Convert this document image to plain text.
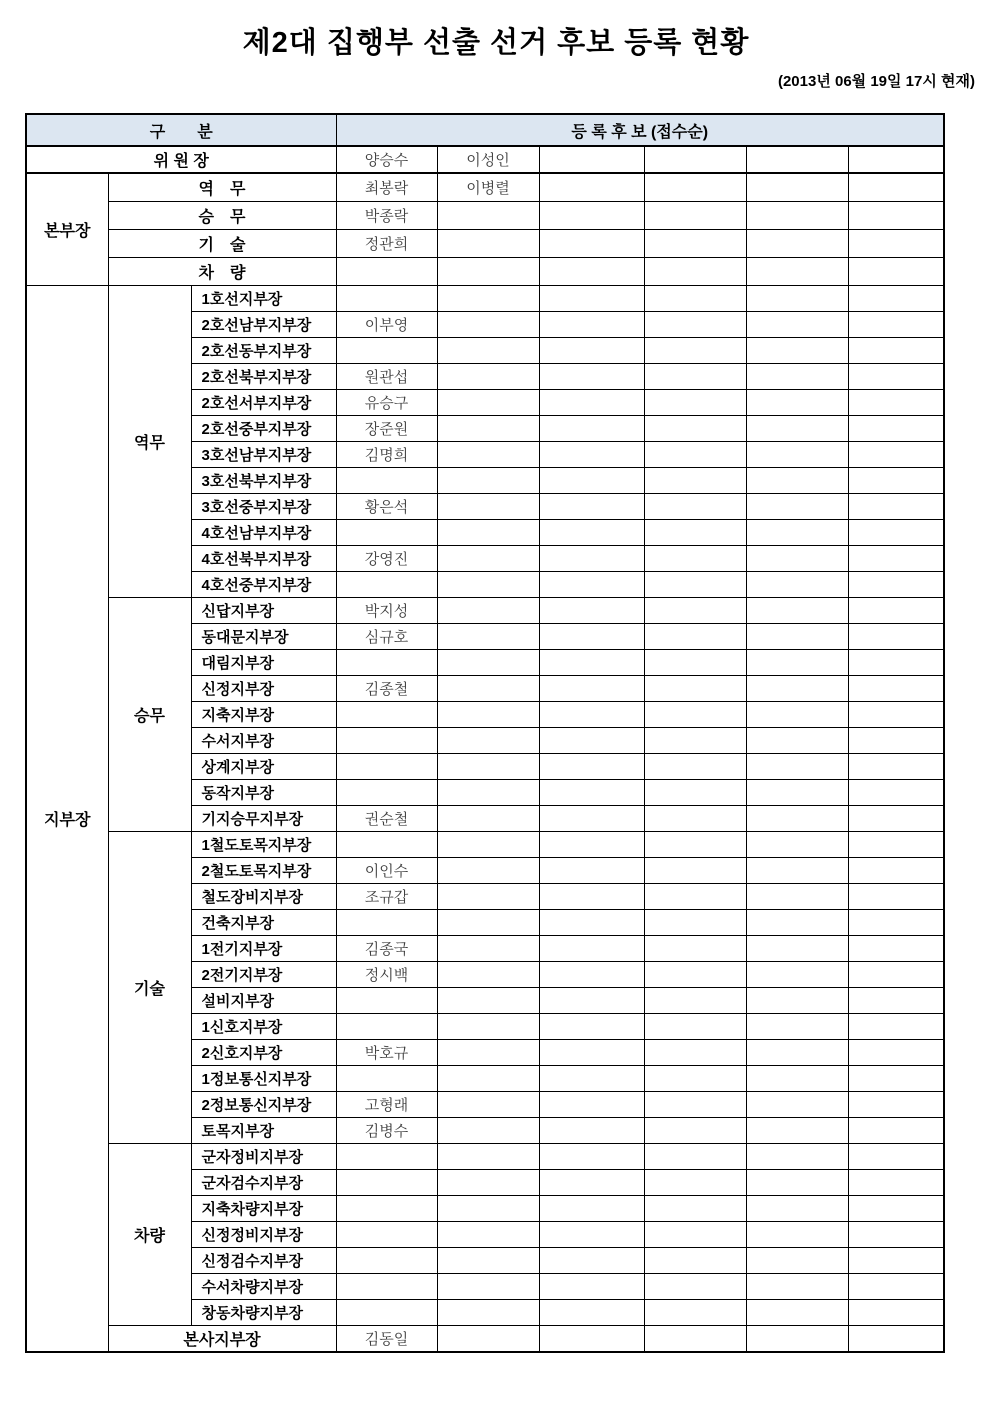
제2대 집행부 선출 선거 후보 등록 현황
(2013년 06월 19일 17시 현재)
구　　분			등 록 후 보 (접수순)					
위 원 장			양승수	이성인				
본부장	역　무		최봉락	이병렬				
	승　무		박종락					
	기　술		정관희					
	차　량							
지부장	역무	1호선지부장						
		2호선남부지부장	이부영					
		2호선동부지부장						
		2호선북부지부장	원관섭					
		2호선서부지부장	유승구					
		2호선중부지부장	장준원					
		3호선남부지부장	김명희					
		3호선북부지부장						
		3호선중부지부장	황은석					
		4호선남부지부장						
		4호선북부지부장	강영진					
		4호선중부지부장						
	승무	신답지부장	박지성					
		동대문지부장	심규호					
		대림지부장						
		신정지부장	김종철					
		지축지부장						
		수서지부장						
		상계지부장						
		동작지부장						
		기지승무지부장	권순철					
	기술	1철도토목지부장						
		2철도토목지부장	이인수					
		철도장비지부장	조규갑					
		건축지부장						
		1전기지부장	김종국					
		2전기지부장	정시백					
		설비지부장						
		1신호지부장						
		2신호지부장	박호규					
		1정보통신지부장						
		2정보통신지부장	고형래					
		토목지부장	김병수					
	차량	군자정비지부장						
		군자검수지부장						
		지축차량지부장						
		신정정비지부장						
		신정검수지부장						
		수서차량지부장						
		창동차량지부장						
	본사지부장		김동일					
